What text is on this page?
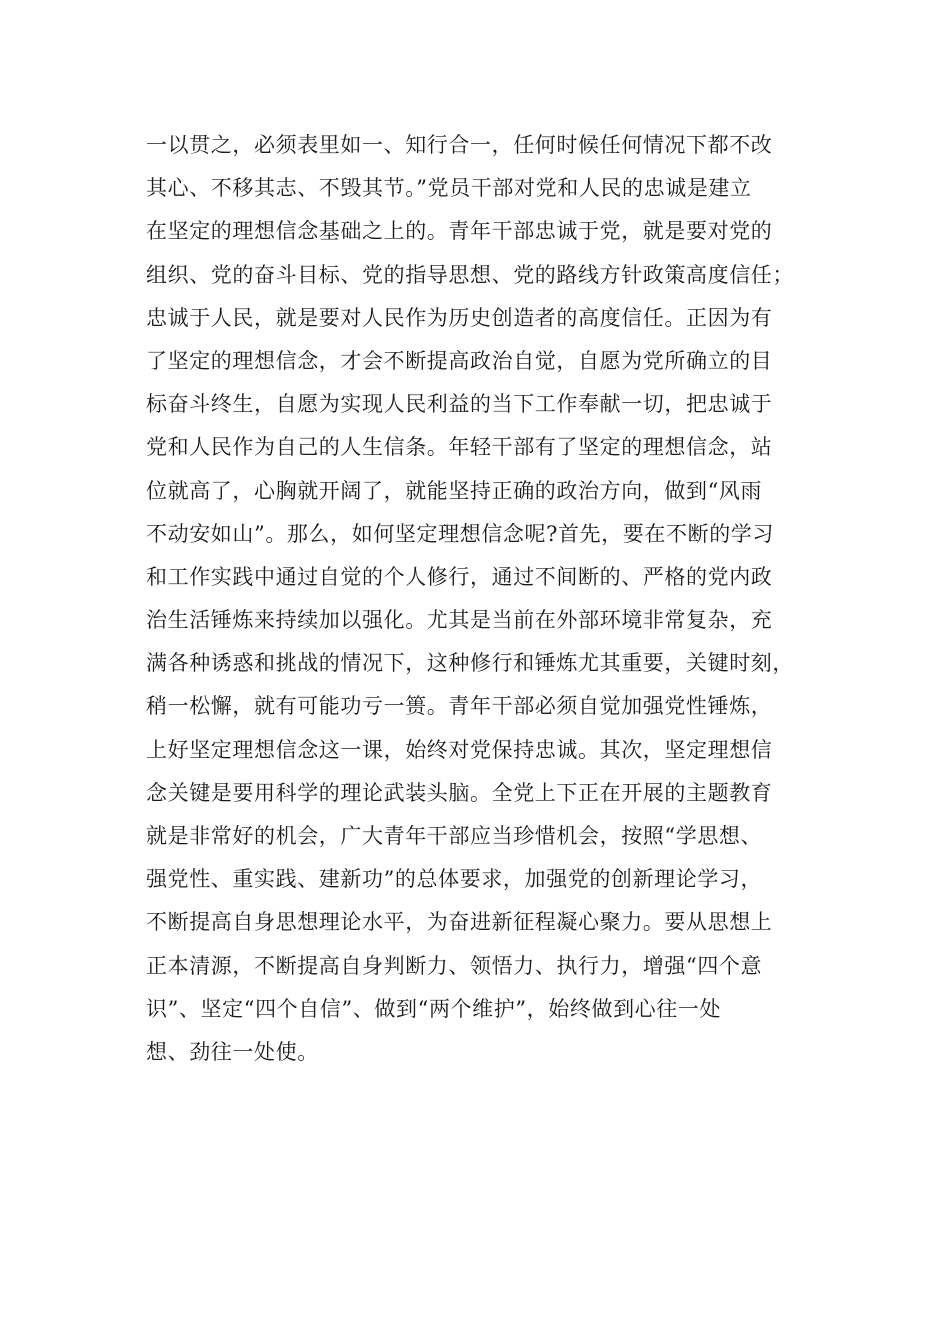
一以贯之，必须表里如一、知行合一，任何时候任何情况下都不改
其心、不移其志、不毁其节。”党员干部对党和人民的忠诚是建立
在坚定的理想信念基础之上的。青年干部忠诚于党，就是要对党的
组织、党的奋斗目标、党的指导思想、党的路线方针政策高度信任；
忠诚于人民，就是要对人民作为历史创造者的高度信任。正因为有
了坚定的理想信念，才会不断提高政治自觉，自愿为党所确立的目
标奋斗终生，自愿为实现人民利益的当下工作奉献一切，把忠诚于
党和人民作为自己的人生信条。年轻干部有了坚定的理想信念，站
位就高了，心胸就开阔了，就能坚持正确的政治方向，做到“风雨
不动安如山”。那么，如何坚定理想信念呢?首先，要在不断的学习
和工作实践中通过自觉的个人修行，通过不间断的、严格的党内政
治生活锤炼来持续加以强化。尤其是当前在外部环境非常复杂，充
满各种诱惑和挑战的情况下，这种修行和锤炼尤其重要，关键时刻，
稍一松懈，就有可能功亏一篑。青年干部必须自觉加强党性锤炼，
上好坚定理想信念这一课，始终对党保持忠诚。其次，坚定理想信
念关键是要用科学的理论武装头脑。全党上下正在开展的主题教育
就是非常好的机会，广大青年干部应当珍惜机会，按照“学思想、
强党性、重实践、建新功”的总体要求，加强党的创新理论学习，
不断提高自身思想理论水平，为奋进新征程凝心聚力。要从思想上
正本清源，不断提高自身判断力、领悟力、执行力，增强“四个意
识”、坚定“四个自信”、做到“两个维护”，始终做到心往一处
想、劲往一处使。
